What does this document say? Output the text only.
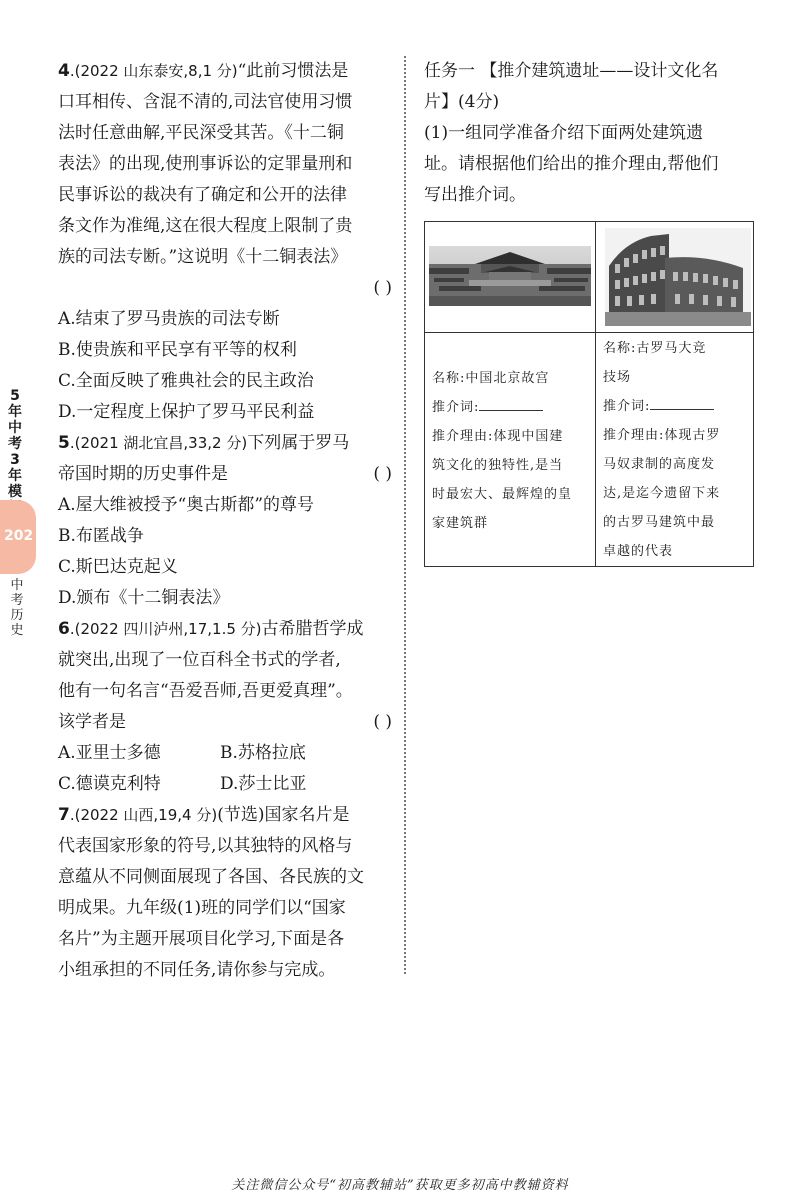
5年中考3年模
202
中考历史

4.(2022 山东泰安,8,1 分)“此前习惯法是

口耳相传、含混不清的,司法官使用习惯

法时任意曲解,平民深受其苦。《十二铜

表法》的出现,使刑事诉讼的定罪量刑和

民事诉讼的裁决有了确定和公开的法律

条文作为准绳,这在很大程度上限制了贵

族的司法专断。”这说明《十二铜表法》

( )

A.结束了罗马贵族的司法专断

B.使贵族和平民享有平等的权利

C.全面反映了雅典社会的民主政治

D.一定程度上保护了罗马平民利益

5.(2021 湖北宜昌,33,2 分)下列属于罗马

帝国时期的历史事件是	( )

A.屋大维被授予“奥古斯都”的尊号

B.布匿战争

C.斯巴达克起义

D.颁布《十二铜表法》

6.(2022 四川泸州,17,1.5 分)古希腊哲学成

就突出,出现了一位百科全书式的学者,

他有一句名言“吾爱吾师,吾更爱真理”。

该学者是	( )
A.亚里士多德	B.苏格拉底
C.德谟克利特	D.莎士比亚

7.(2022 山西,19,4 分)(节选)国家名片是

代表国家形象的符号,以其独特的风格与

意蕴从不同侧面展现了各国、各民族的文

明成果。九年级(1)班的同学们以“国家

名片”为主题开展项目化学习,下面是各

小组承担的不同任务,请你参与完成。

任务一 【推介建筑遗址——设计文化名

片】(4分)

(1)一组同学准备介绍下面两处建筑遗

址。请根据他们给出的推介理由,帮他们

写出推介词。

名称:中国北京故宫
推介词:
推介理由:体现中国建
筑文化的独特性,是当
时最宏大、最辉煌的皇
家建筑群
名称:古罗马大竞
技场
推介词:
推介理由:体现古罗
马奴隶制的高度发
达,是迄今遗留下来
的古罗马建筑中最
卓越的代表
关注微信公众号“初高教辅站”获取更多初高中教辅资料
